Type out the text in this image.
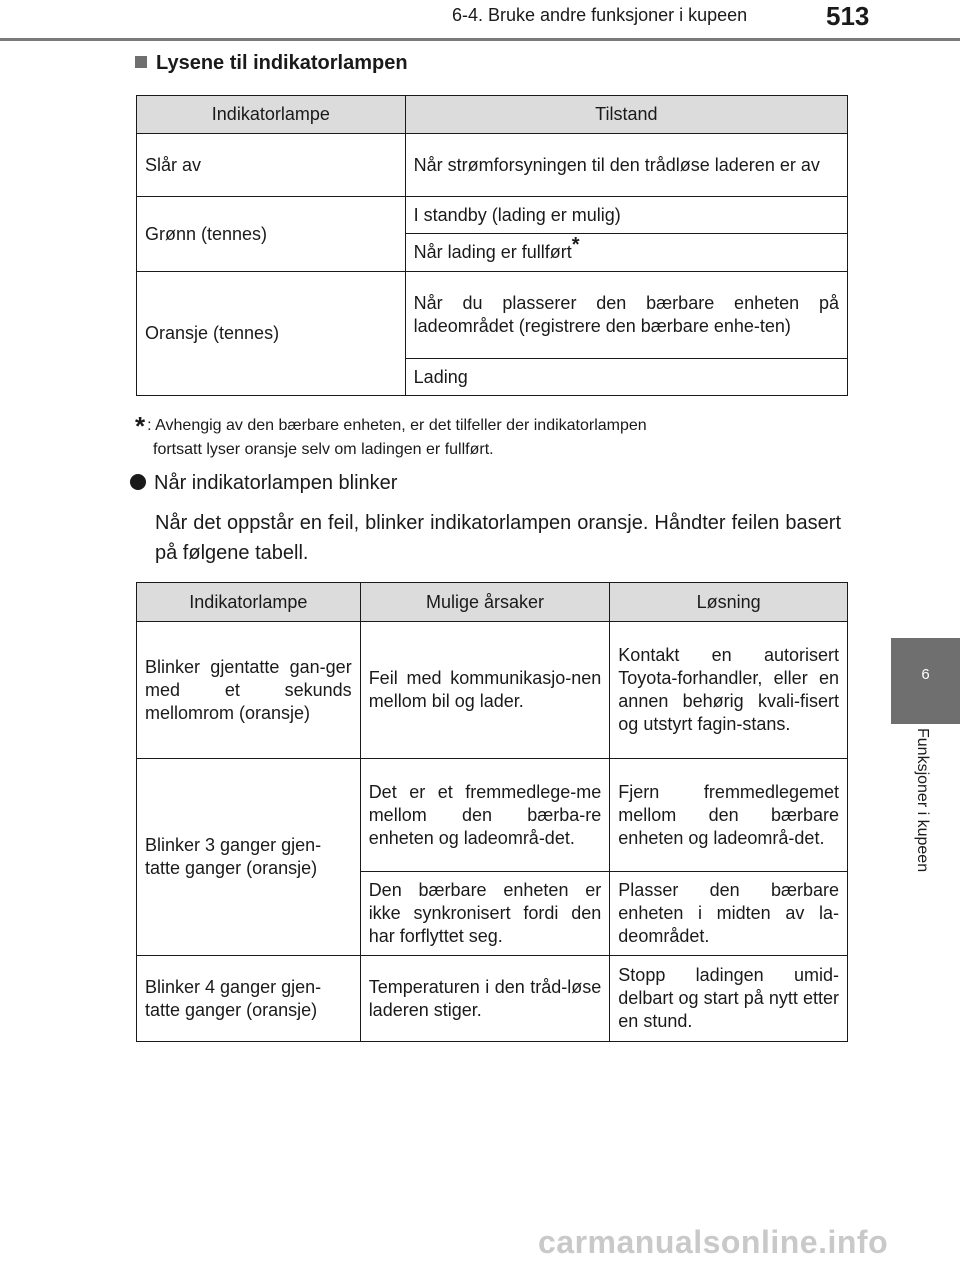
6-4. Bruke andre funksjoner i kupeen	513
6
Funksjoner i kupeen
Lysene til indikatorlampen
Indikatorlampe	Tilstand
Slår av	Når strømforsyningen til den trådløse laderen er av
Grønn (tennes)	I standby (lading er mulig)
	Når lading er fullført*
Oransje (tennes)	Når du plasserer den bærbare enheten på ladeområdet (registrere den bærbare enhe-ten)
	Lading
* : Avhengig av den bærbare enheten, er det tilfeller der indikatorlampen
fortsatt lyser oransje selv om ladingen er fullført.
Når indikatorlampen blinker
Når det oppstår en feil, blinker indikatorlampen oransje. Håndter feilen basert på følgene tabell.
Indikatorlampe	Mulige årsaker	Løsning
Blinker gjentatte gan-ger med et sekunds mellomrom (oransje)	Feil med kommunikasjo-nen mellom bil og lader.	Kontakt en autorisert Toyota-forhandler, eller en annen behørig kvali-fisert og utstyrt fagin-stans.
Blinker 3 ganger gjen-tatte ganger (oransje)	Det er et fremmedlege-me mellom den bærba-re enheten og ladeområ-det.	Fjern fremmedlegemet mellom den bærbare enheten og ladeområ-det.
	Den bærbare enheten er ikke synkronisert fordi den har forflyttet seg.	Plasser den bærbare enheten i midten av la-deområdet.
Blinker 4 ganger gjen-tatte ganger (oransje)	Temperaturen i den tråd-løse laderen stiger.	Stopp ladingen umid-delbart og start på nytt etter en stund.
carmanualsonline.info
